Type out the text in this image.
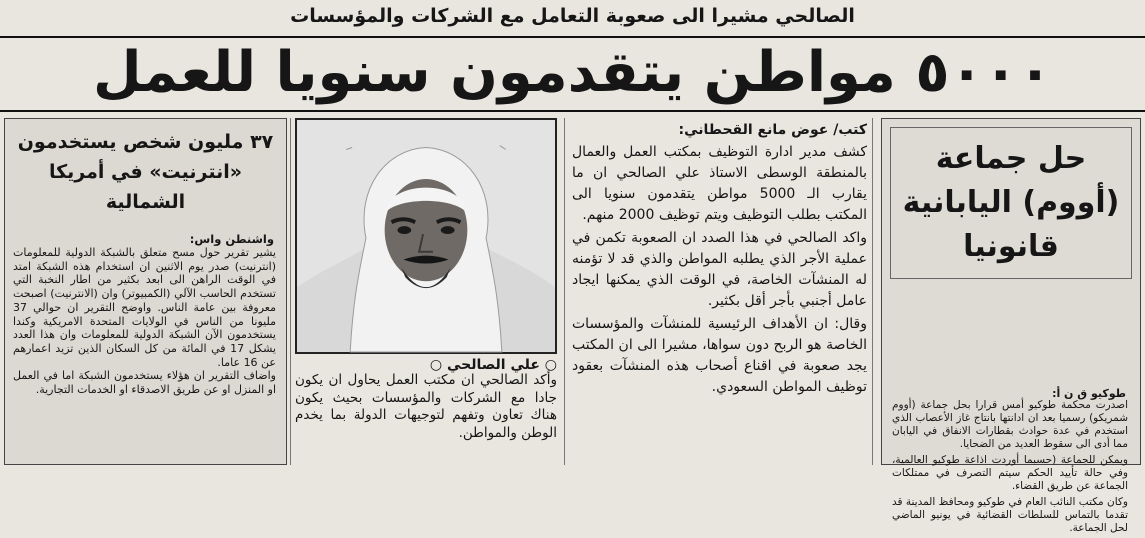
الصالحي مشيرا الى صعوبة التعامل مع الشركات والمؤسسات
٥٠٠٠ مواطن يتقدمون سنويا للعمل
حل جماعة (أووم) اليابانية قانونيا
طوكيو ق ن أ:

اصدرت محكمة طوكيو أمس قرارا بحل جماعة (أووم شمريكو) رسميا بعد ان ادانتها بانتاج غاز الأعصاب الذي استخدم في عدة حوادث بقطارات الانفاق في اليابان مما أدى الى سقوط العديد من الضحايا.

ويمكن للجماعة (حسبما أوردت اذاعة طوكيو العالمية، وفي حالة تأييد الحكم سيتم التصرف في ممتلكات الجماعة عن طريق القضاء.

وكان مكتب النائب العام في طوكيو ومحافظ المدينة قد تقدما بالتماس للسلطات القضائية في يونيو الماضي لحل الجماعة.

كتب/ عوض مانع القحطاني:

كشف مدير ادارة التوظيف بمكتب العمل والعمال بالمنطقة الوسطى الاستاذ علي الصالحي ان ما يقارب الـ 5000 مواطن يتقدمون سنويا الى المكتب بطلب التوظيف ويتم توظيف 2000 منهم.

واكد الصالحي في هذا الصدد ان الصعوبة تكمن في عملية الأجر الذي يطلبه المواطن والذي قد لا تؤمنه له المنشآت الخاصة، في الوقت الذي يمكنها ايجاد عامل أجنبي بأجر أقل بكثير.

وقال: ان الأهداف الرئيسية للمنشآت والمؤسسات الخاصة هو الربح دون سواها، مشيرا الى ان المكتب يجد صعوبة في اقناع أصحاب هذه المنشآت بعقود توظيف المواطن السعودي.

○ علي الصالحي ○
وأكد الصالحي ان مكتب العمل يحاول ان يكون جادا مع الشركات والمؤسسات بحيث يكون هناك تعاون وتفهم لتوجيهات الدولة بما يخدم الوطن والمواطن.
٣٧ مليون شخص يستخدمون «انترنيت» في أمريكا الشمالية
واشنطن واس:

يشير تقرير حول مسح متعلق بالشبكة الدولية للمعلومات (انترنيت) صدر يوم الاثنين ان استخدام هذه الشبكة امتد في الوقت الراهن الى ابعد بكثير من اطار النخبة التي تستخدم الحاسب الآلي (الكمبيوتر) وان (الانترنيت) اصبحت معروفة بين عامة الناس. واوضح التقرير ان حوالي 37 مليونا من الناس في الولايات المتحدة الامريكية وكندا يستخدمون الآن الشبكة الدولية للمعلومات وان هذا العدد يشكل 17 في المائة من كل السكان الذين تزيد اعمارهم عن 16 عاما.

واضاف التقرير ان هؤلاء يستخدمون الشبكة اما في العمل او المنزل او عن طريق الاصدقاء او الخدمات التجارية.
